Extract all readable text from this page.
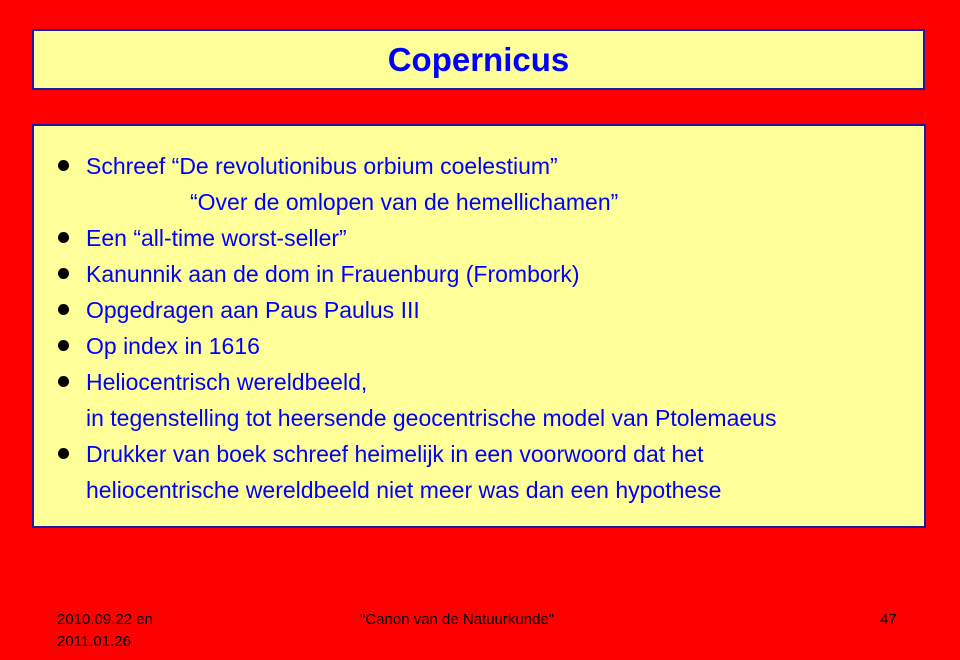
Copernicus
Schreef “De revolutionibus orbium coelestium”
“Over de omlopen van de hemellichamen”
Een “all-time worst-seller”
Kanunnik aan de dom in Frauenburg (Frombork)
Opgedragen aan Paus Paulus III
Op index in 1616
Heliocentrisch wereldbeeld,
in tegenstelling tot heersende geocentrische model van Ptolemaeus
Drukker van boek schreef heimelijk in een voorwoord dat het
heliocentrische wereldbeeld niet meer was dan een hypothese
2010.09.22 en
2011.01.26
"Canon van de Natuurkunde"	47
